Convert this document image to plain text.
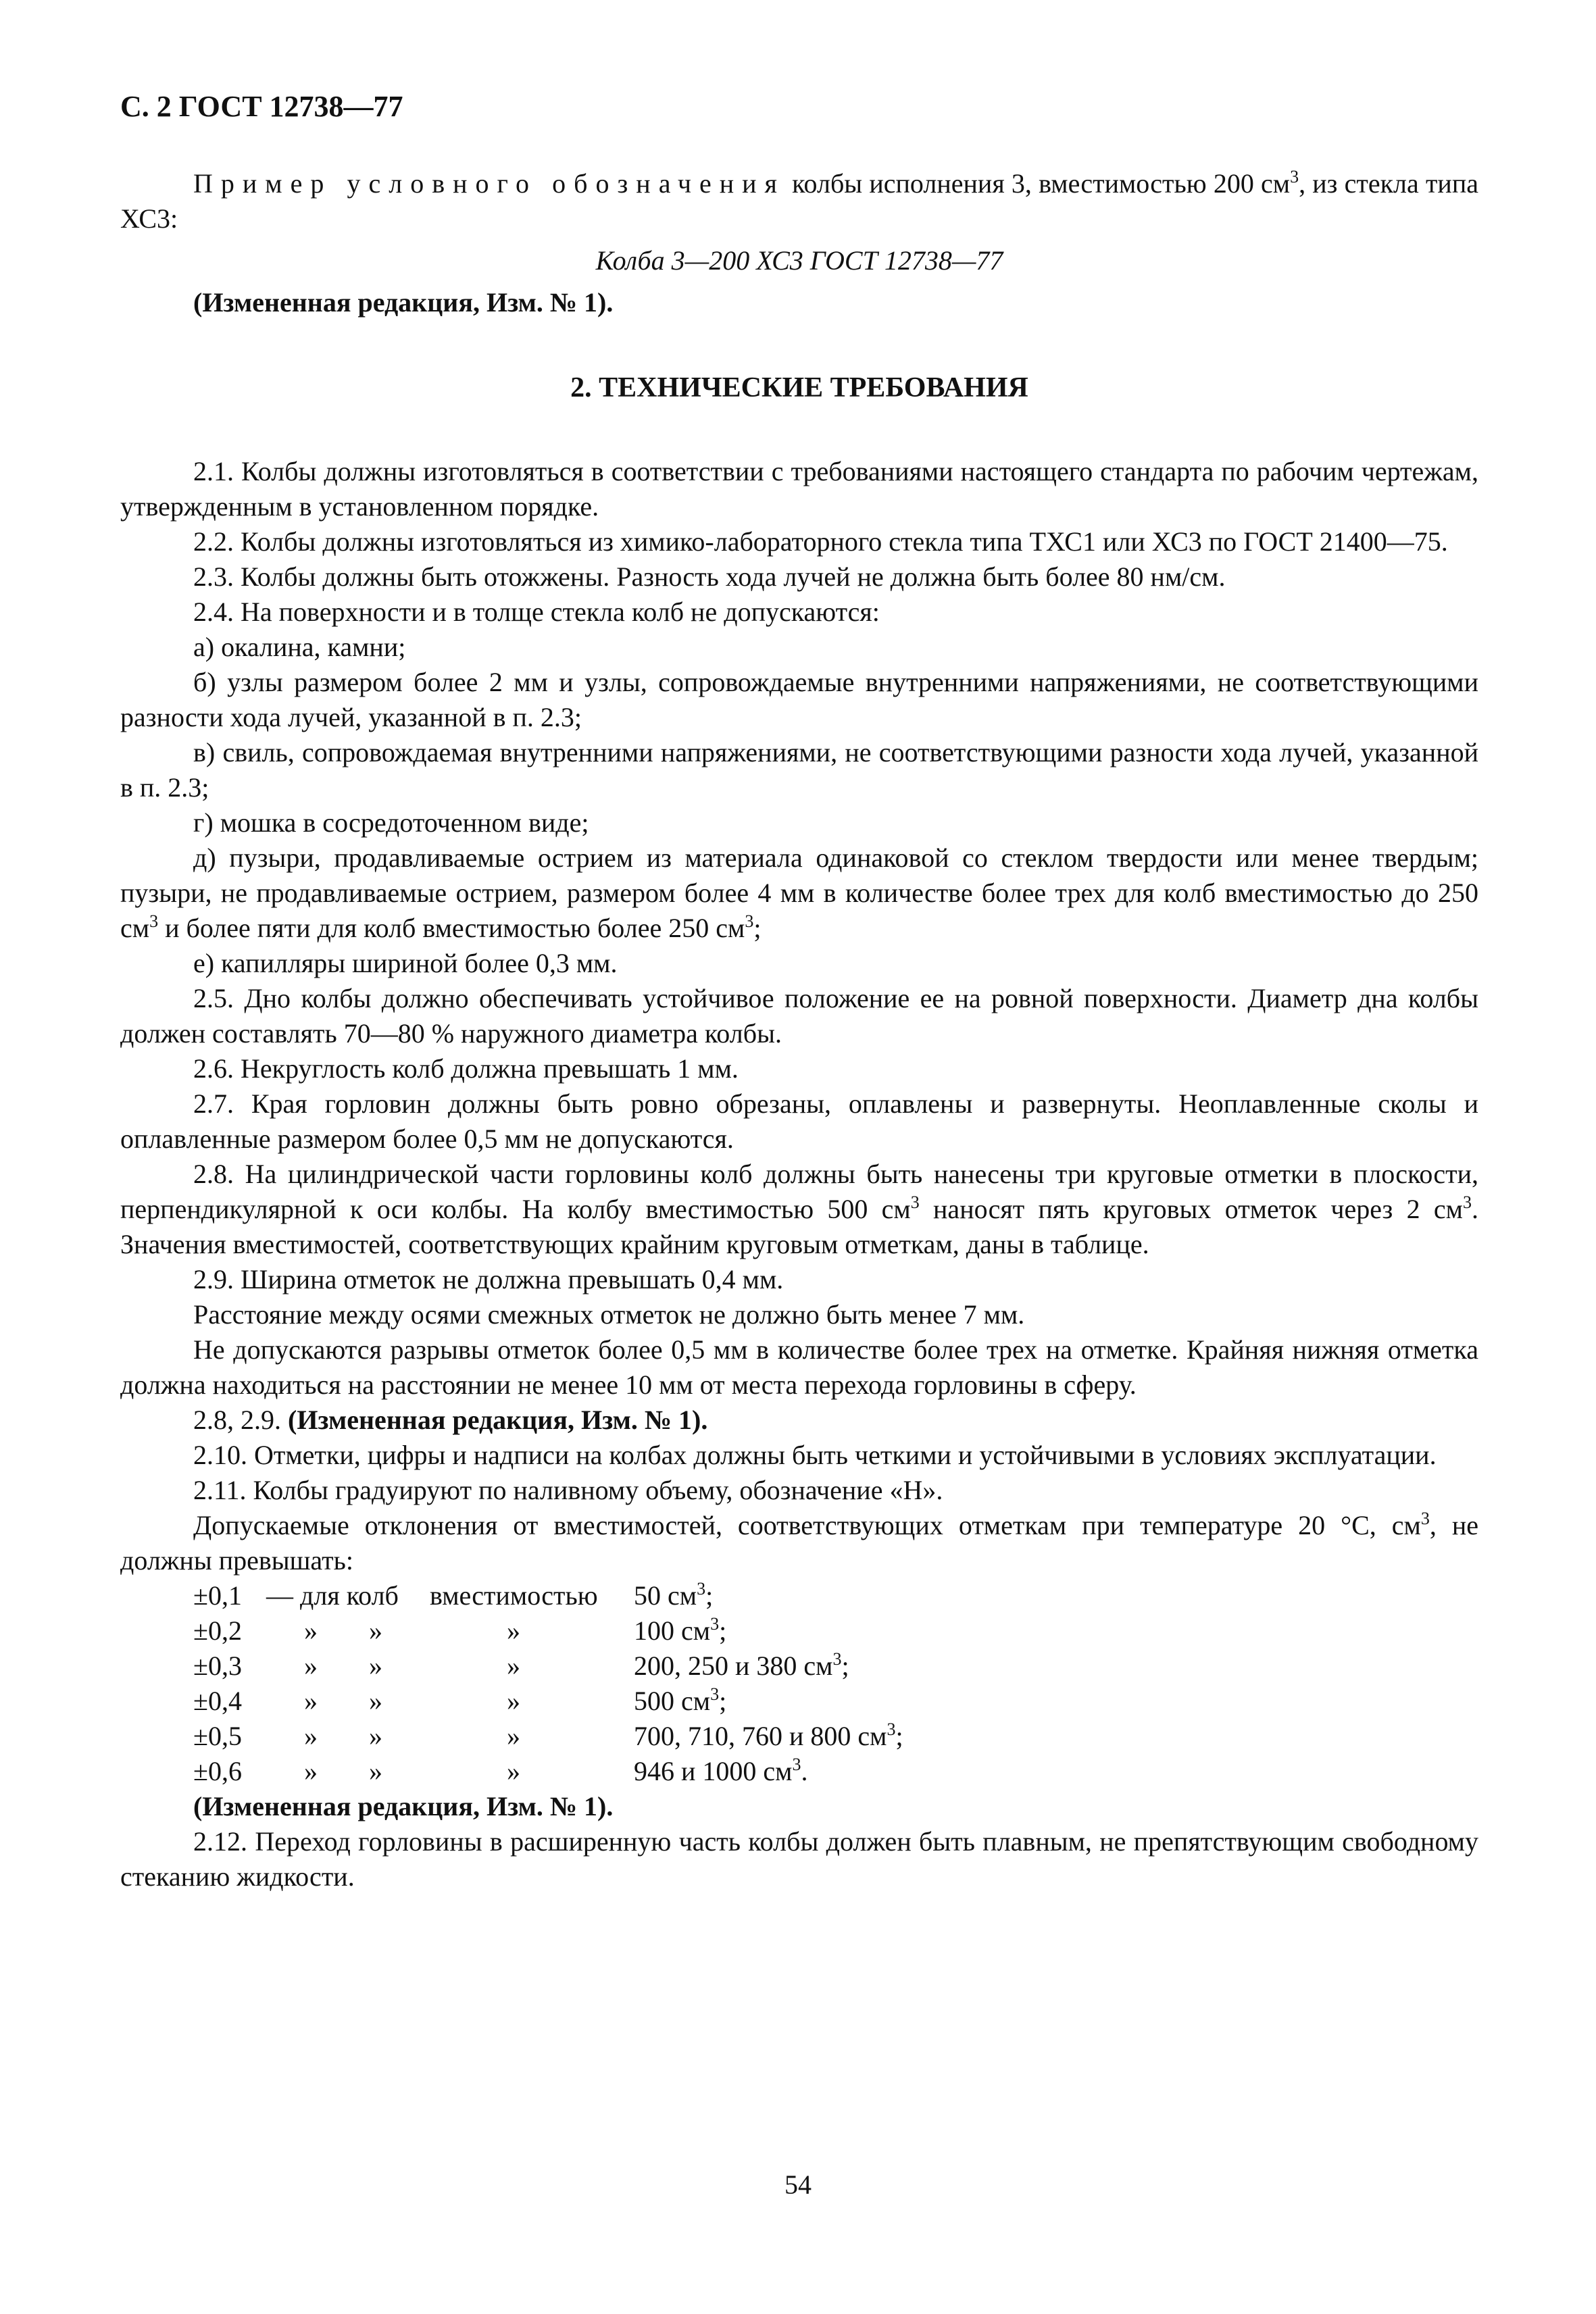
С. 2 ГОСТ 12738—77

Пример условного обозначения колбы исполнения 3, вместимостью 200 $см^3$, из стекла типа ХС3:

Колба 3—200 ХС3 ГОСТ 12738—77

(Измененная редакция, Изм. № 1).

2. ТЕХНИЧЕСКИЕ ТРЕБОВАНИЯ

2.1. Колбы должны изготовляться в соответствии с требованиями настоящего стандарта по рабочим чертежам, утвержденным в установленном порядке.

2.2. Колбы должны изготовляться из химико-лабораторного стекла типа ТХС1 или ХС3 по ГОСТ 21400—75.

2.3. Колбы должны быть отожжены. Разность хода лучей не должна быть более 80 нм/см.

2.4. На поверхности и в толще стекла колб не допускаются:

а) окалина, камни;

б) узлы размером более 2 мм и узлы, сопровождаемые внутренними напряжениями, не соответствующими разности хода лучей, указанной в п. 2.3;

в) свиль, сопровождаемая внутренними напряжениями, не соответствующими разности хода лучей, указанной в п. 2.3;

г) мошка в сосредоточенном виде;

д) пузыри, продавливаемые острием из материала одинаковой со стеклом твердости или менее твердым; пузыри, не продавливаемые острием, размером более 4 мм в количестве более трех для колб вместимостью до 250 $см^3$ и более пяти для колб вместимостью более 250 $см^3$;

е) капилляры шириной более 0,3 мм.

2.5. Дно колбы должно обеспечивать устойчивое положение ее на ровной поверхности. Диаметр дна колбы должен составлять 70—80 % наружного диаметра колбы.

2.6. Некруглость колб должна превышать 1 мм.

2.7. Края горловин должны быть ровно обрезаны, оплавлены и развернуты. Неоплавленные сколы и оплавленные размером более 0,5 мм не допускаются.

2.8. На цилиндрической части горловины колб должны быть нанесены три круговые отметки в плоскости, перпендикулярной к оси колбы. На колбу вместимостью 500 $см^3$ наносят пять круговых отметок через 2 $см^3$. Значения вместимостей, соответствующих крайним круговым отметкам, даны в таблице.

2.9. Ширина отметок не должна превышать 0,4 мм.

Расстояние между осями смежных отметок не должно быть менее 7 мм.

Не допускаются разрывы отметок более 0,5 мм в количестве более трех на отметке. Крайняя нижняя отметка должна находиться на расстоянии не менее 10 мм от места перехода горловины в сферу.

2.8, 2.9. (Измененная редакция, Изм. № 1).

2.10. Отметки, цифры и надписи на колбах должны быть четкими и устойчивыми в условиях эксплуатации.

2.11. Колбы градуируют по наливному объему, обозначение «Н».

Допускаемые отклонения от вместимостей, соответствующих отметкам при температуре 20 °С, $см^3$, не должны превышать:

±0,1 — для колб вместимостью 50 $см^3$;
±0,2 » »	»	100 $см^3$;
±0,3 » »	»	200, 250 и 380 $см^3$;
±0,4 » »	»	500 $см^3$;
±0,5 » »	»	700, 710, 760 и 800 $см^3$;
±0,6 » »	»	946 и 1000 $см^3$.

(Измененная редакция, Изм. № 1).

2.12. Переход горловины в расширенную часть колбы должен быть плавным, не препятствующим свободному стеканию жидкости.

54
